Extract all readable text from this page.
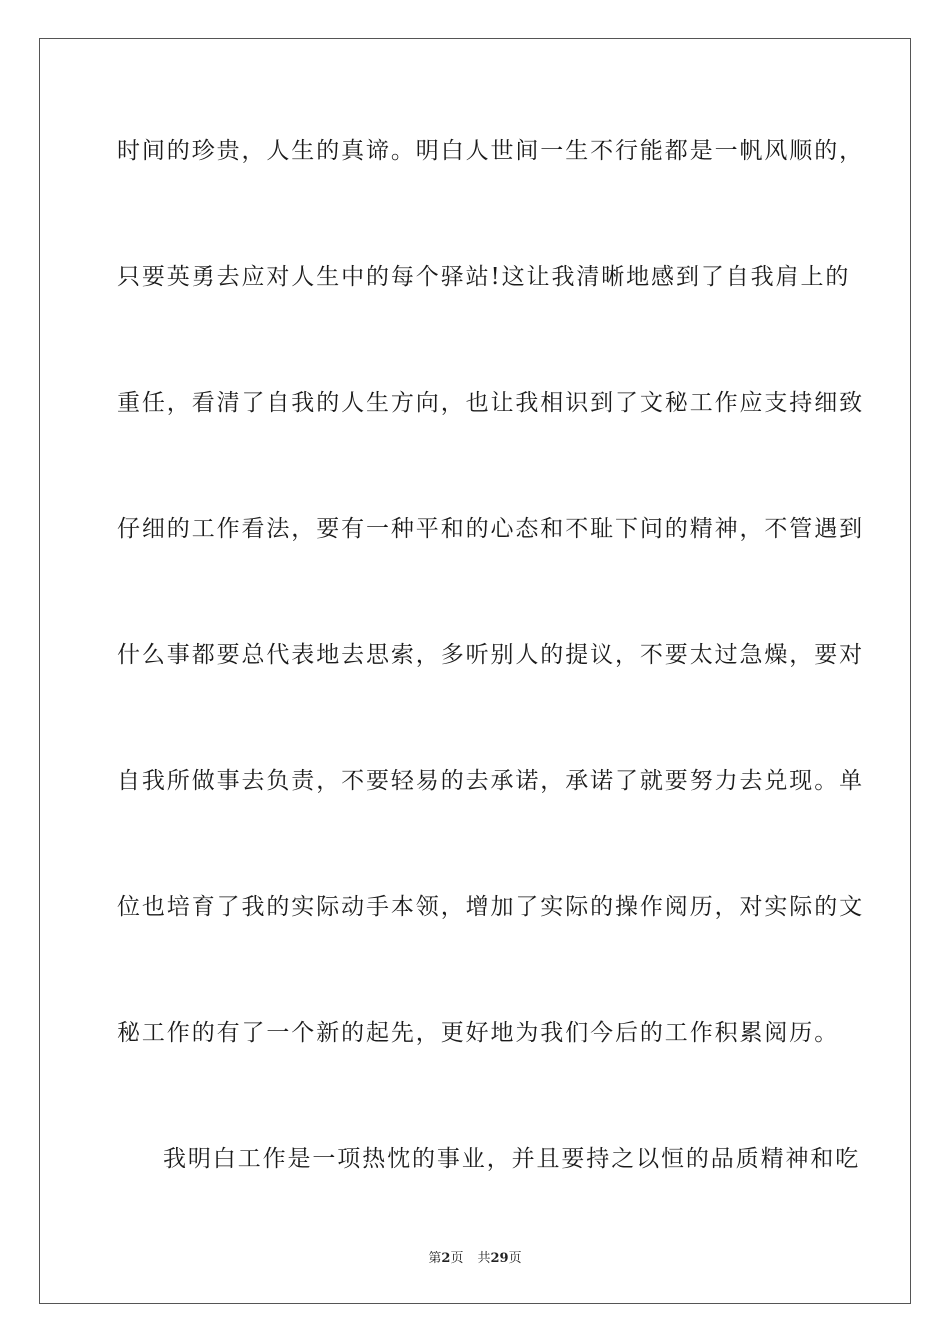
时间的珍贵，人生的真谛。明白人世间一生不行能都是一帆风顺的，
只要英勇去应对人生中的每个驿站!这让我清晰地感到了自我肩上的
重任，看清了自我的人生方向，也让我相识到了文秘工作应支持细致
仔细的工作看法，要有一种平和的心态和不耻下问的精神，不管遇到
什么事都要总代表地去思索，多听别人的提议，不要太过急燥，要对
自我所做事去负责，不要轻易的去承诺，承诺了就要努力去兑现。单
位也培育了我的实际动手本领，增加了实际的操作阅历，对实际的文
秘工作的有了一个新的起先，更好地为我们今后的工作积累阅历。
我明白工作是一项热忱的事业，并且要持之以恒的品质精神和吃
第2页 共29页
